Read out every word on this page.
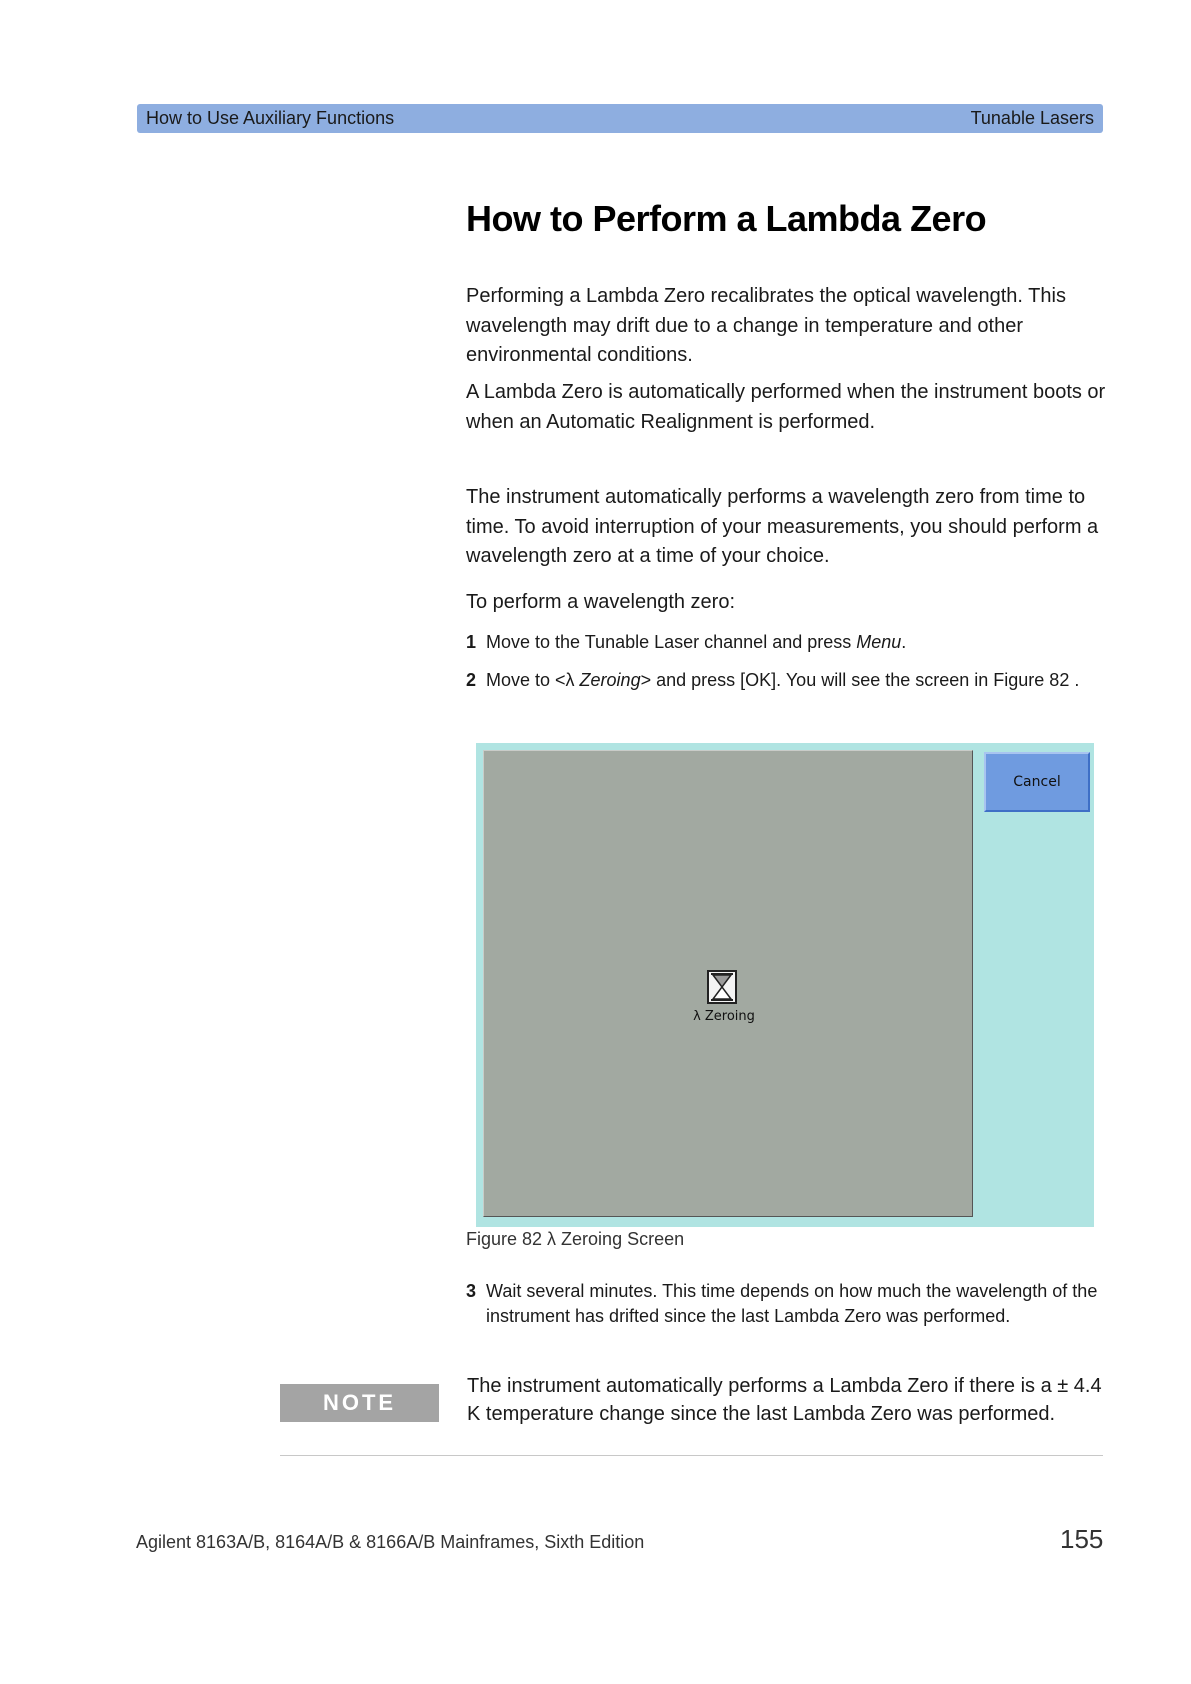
How to Use Auxiliary Functions	Tunable Lasers
How to Perform a Lambda Zero

Performing a Lambda Zero recalibrates the optical wavelength. This wavelength may drift due to a change in temperature and other environmental conditions.

A Lambda Zero is automatically performed when the instrument boots or when an Automatic Realignment is performed.

The instrument automatically performs a wavelength zero from time to time. To avoid interruption of your measurements, you should perform a wavelength zero at a time of your choice.

To perform a wavelength zero:

1 Move to the Tunable Laser channel and press Menu.
2 Move to <λ Zeroing> and press [OK]. You will see the screen in Figure 82 .
λ Zeroing
Cancel
Figure 82 λ Zeroing Screen
3 Wait several minutes. This time depends on how much the wavelength of the instrument has drifted since the last Lambda Zero was performed.
NOTE

The instrument automatically performs a Lambda Zero if there is a ± 4.4 K temperature change since the last Lambda Zero was performed.

Agilent 8163A/B, 8164A/B & 8166A/B Mainframes, Sixth Edition	155
